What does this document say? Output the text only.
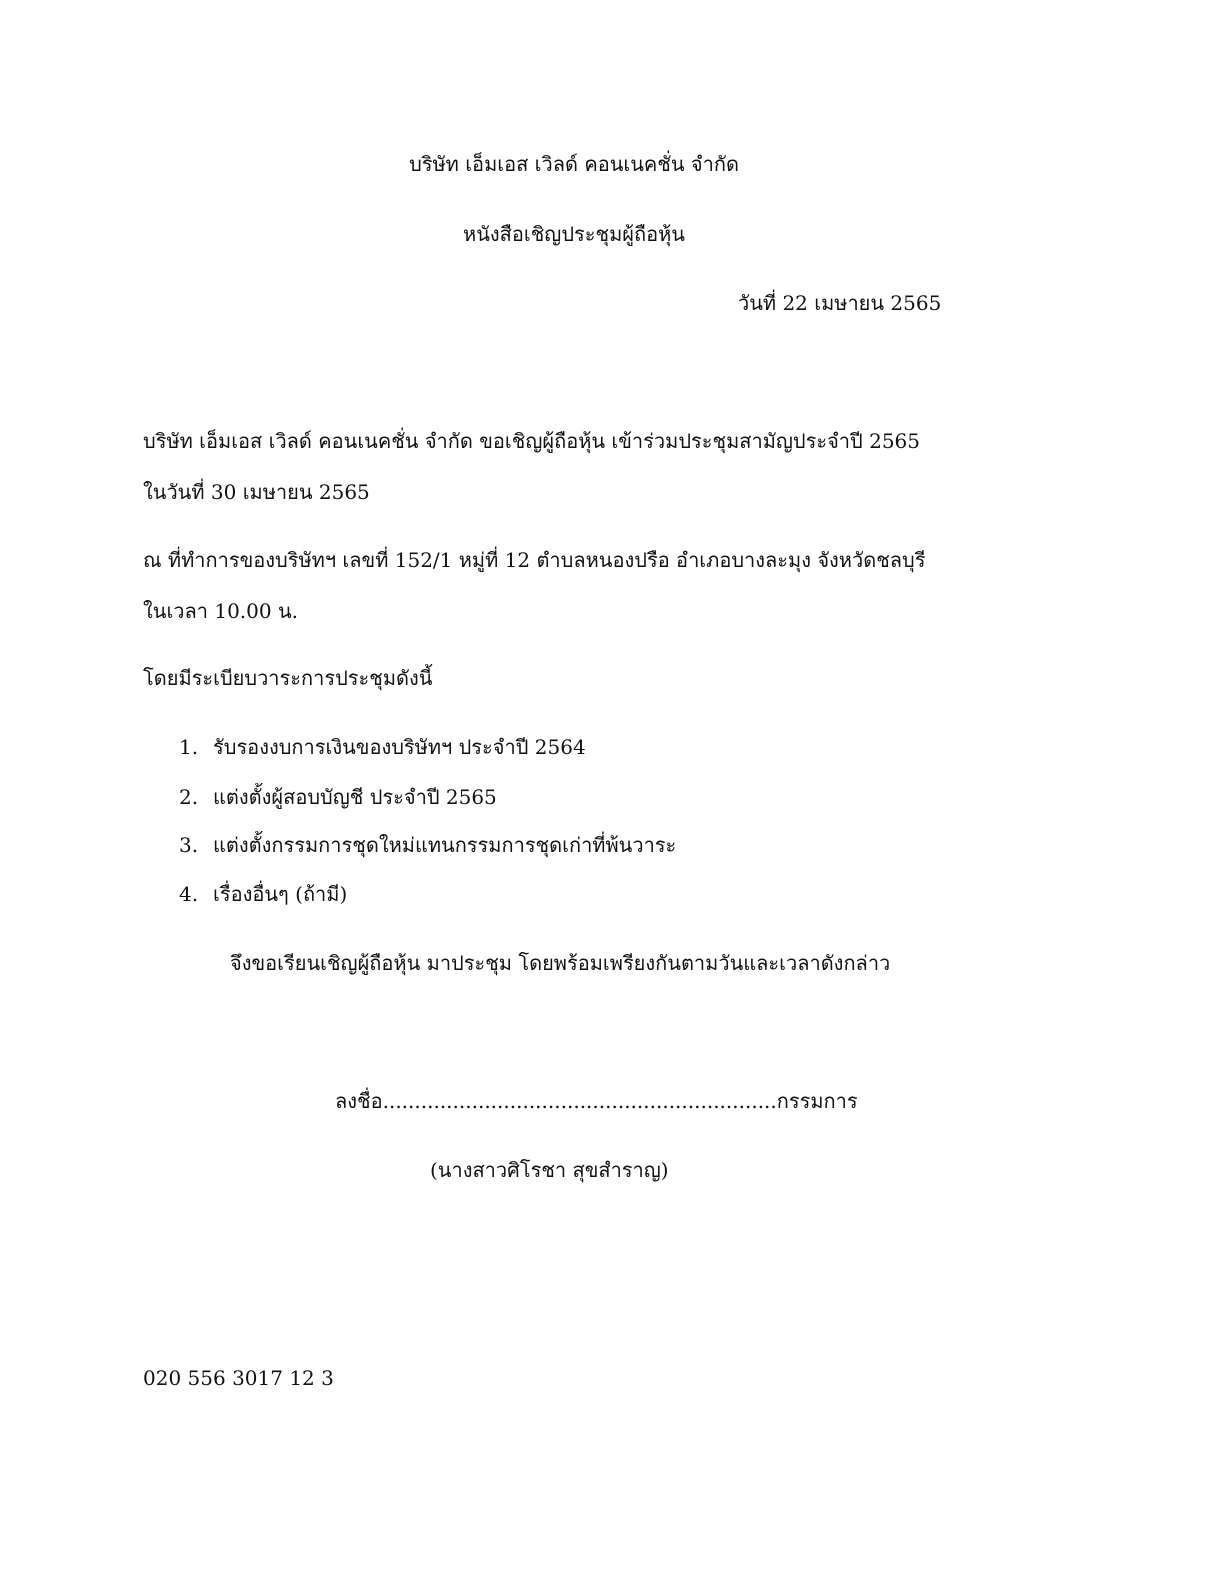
บริษัท เอ็มเอส เวิลด์ คอนเนคชั่น จำกัด
หนังสือเชิญประชุมผู้ถือหุ้น
วันที่ 22 เมษายน 2565
บริษัท เอ็มเอส เวิลด์ คอนเนคชั่น จำกัด ขอเชิญผู้ถือหุ้น เข้าร่วมประชุมสามัญประจำปี 2565
ในวันที่ 30 เมษายน 2565
ณ ที่ทำการของบริษัทฯ เลขที่ 152/1 หมู่ที่ 12 ตำบลหนองปรือ อำเภอบางละมุง จังหวัดชลบุรี
ในเวลา 10.00 น.
โดยมีระเบียบวาระการประชุมดังนี้
1. รับรองงบการเงินของบริษัทฯ ประจำปี 2564
2. แต่งตั้งผู้สอบบัญชี ประจำปี 2565
3. แต่งตั้งกรรมการชุดใหม่แทนกรรมการชุดเก่าที่พ้นวาระ
4. เรื่องอื่นๆ (ถ้ามี)
จึงขอเรียนเชิญผู้ถือหุ้น มาประชุม โดยพร้อมเพรียงกันตามวันและเวลาดังกล่าว
ลงชื่อ..............................................................กรรมการ
(นางสาวศิโรชา สุขสำราญ)
020 556 3017 12 3
